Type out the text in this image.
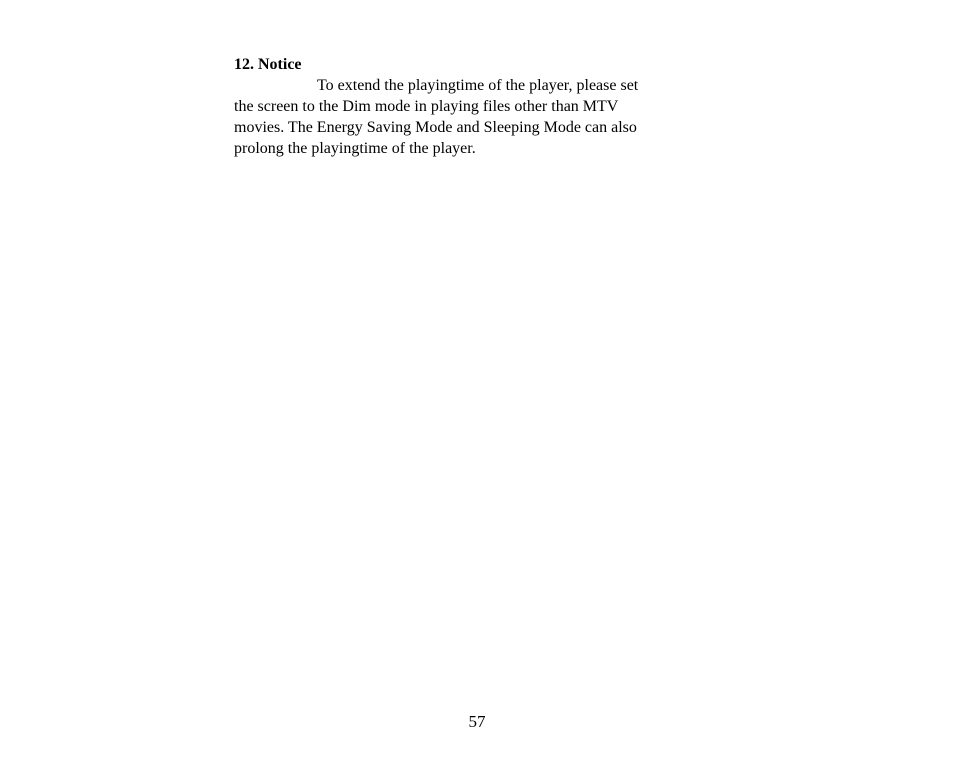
12. Notice

To extend the playingtime of the player, please set

the screen to the Dim mode in playing files other than MTV

movies. The Energy Saving Mode and Sleeping Mode can also

prolong the playingtime of the player.

57
